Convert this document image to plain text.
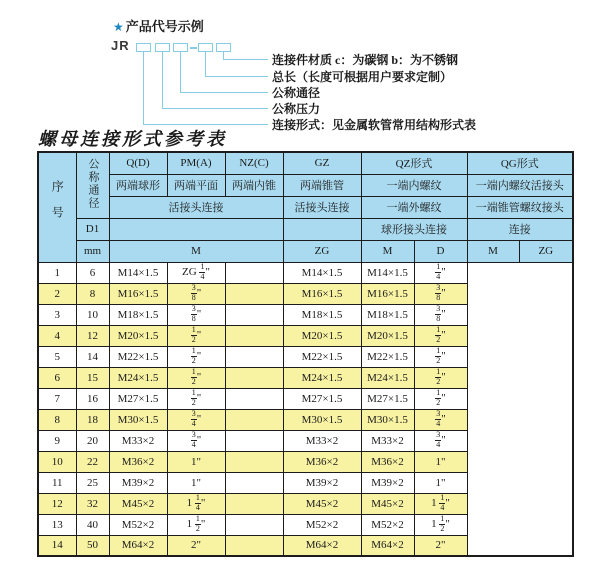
★ 产品代号示例
JR
连接件材质 c：为碳钢 b：为不锈钢
总长（长度可根据用户要求定制）
公称通径
公称压力
连接形式：见金属软管常用结构形式表
螺母连接形式参考表
序号	公称通径	Q(D)	PM(A)	NZ(C)	GZ	QZ形式		QG形式	
		两端球形	两端平面	两端内锥	两端锥管	一端内螺纹		一端内螺纹活接头	
		活接头连接			活接头连接	一端外螺纹		一端锥管螺纹接头	
	D1					球形接头连接		连接	
	mm	M			ZG	M	D	M	ZG
1	6	M14×1.5	ZG $\frac{1}{4}$ "		M14×1.5	M14×1.5	$\frac{1}{4}$ "		
2	8	M16×1.5	$\frac{3}{8}$ "		M16×1.5	M16×1.5	$\frac{3}{8}$ "		
3	10	M18×1.5	$\frac{3}{8}$ "		M18×1.5	M18×1.5	$\frac{3}{8}$ "		
4	12	M20×1.5	$\frac{1}{2}$ "		M20×1.5	M20×1.5	$\frac{1}{2}$ "		
5	14	M22×1.5	$\frac{1}{2}$ "		M22×1.5	M22×1.5	$\frac{1}{2}$ "		
6	15	M24×1.5	$\frac{1}{2}$ "		M24×1.5	M24×1.5	$\frac{1}{2}$ "		
7	16	M27×1.5	$\frac{1}{2}$ "		M27×1.5	M27×1.5	$\frac{1}{2}$ "		
8	18	M30×1.5	$\frac{3}{4}$ "		M30×1.5	M30×1.5	$\frac{3}{4}$ "		
9	20	M33×2	$\frac{3}{4}$ "		M33×2	M33×2	$\frac{3}{4}$ "		
10	22	M36×2	1"		M36×2	M36×2	1"		
11	25	M39×2	1"		M39×2	M39×2	1"		
12	32	M45×2	$1 \frac{1}{4}$ "		M45×2	M45×2	$1 \frac{1}{4}$ "		
13	40	M52×2	$1 \frac{1}{2}$ "		M52×2	M52×2	$1 \frac{1}{2}$ "		
14	50	M64×2	2"		M64×2	M64×2	2"		
